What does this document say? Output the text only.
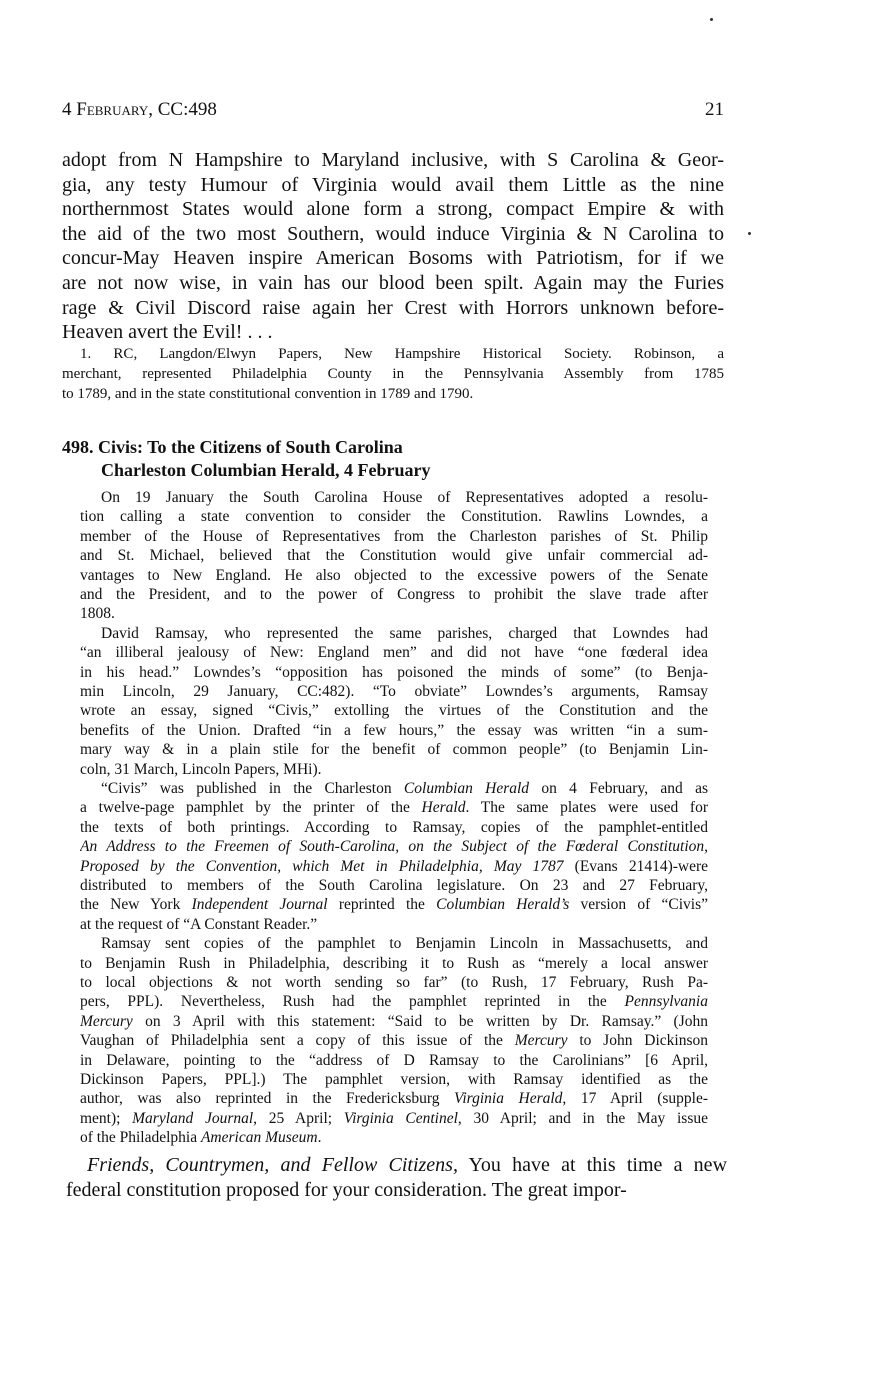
4 February, CC:498	21
adopt from N Hampshire to Maryland inclusive, with S Carolina & Geor-
gia, any testy Humour of Virginia would avail them Little as the nine
northernmost States would alone form a strong, compact Empire & with
the aid of the two most Southern, would induce Virginia & N Carolina to
concur-May Heaven inspire American Bosoms with Patriotism, for if we
are not now wise, in vain has our blood been spilt. Again may the Furies
rage & Civil Discord raise again her Crest with Horrors unknown before-
Heaven avert the Evil! . . .
1. RC, Langdon/Elwyn Papers, New Hampshire Historical Society. Robinson, a
merchant, represented Philadelphia County in the Pennsylvania Assembly from 1785
to 1789, and in the state constitutional convention in 1789 and 1790.
498. Civis: To the Citizens of South Carolina
Charleston Columbian Herald, 4 February
On 19 January the South Carolina House of Representatives adopted a resolu-
tion calling a state convention to consider the Constitution. Rawlins Lowndes, a
member of the House of Representatives from the Charleston parishes of St. Philip
and St. Michael, believed that the Constitution would give unfair commercial ad-
vantages to New England. He also objected to the excessive powers of the Senate
and the President, and to the power of Congress to prohibit the slave trade after
1808.
David Ramsay, who represented the same parishes, charged that Lowndes had
“an illiberal jealousy of New: England men” and did not have “one fœderal idea
in his head.” Lowndes’s “opposition has poisoned the minds of some” (to Benja-
min Lincoln, 29 January, CC:482). “To obviate” Lowndes’s arguments, Ramsay
wrote an essay, signed “Civis,” extolling the virtues of the Constitution and the
benefits of the Union. Drafted “in a few hours,” the essay was written “in a sum-
mary way & in a plain stile for the benefit of common people” (to Benjamin Lin-
coln, 31 March, Lincoln Papers, MHi).
“Civis” was published in the Charleston Columbian Herald on 4 February, and as
a twelve-page pamphlet by the printer of the Herald. The same plates were used for
the texts of both printings. According to Ramsay, copies of the pamphlet-entitled
An Address to the Freemen of South-Carolina, on the Subject of the Fœderal Constitution,
Proposed by the Convention, which Met in Philadelphia, May 1787 (Evans 21414)-were
distributed to members of the South Carolina legislature. On 23 and 27 February,
the New York Independent Journal reprinted the Columbian Herald’s version of “Civis”
at the request of “A Constant Reader.”
Ramsay sent copies of the pamphlet to Benjamin Lincoln in Massachusetts, and
to Benjamin Rush in Philadelphia, describing it to Rush as “merely a local answer
to local objections & not worth sending so far” (to Rush, 17 February, Rush Pa-
pers, PPL). Nevertheless, Rush had the pamphlet reprinted in the Pennsylvania
Mercury on 3 April with this statement: “Said to be written by Dr. Ramsay.” (John
Vaughan of Philadelphia sent a copy of this issue of the Mercury to John Dickinson
in Delaware, pointing to the “address of D Ramsay to the Carolinians” [6 April,
Dickinson Papers, PPL].) The pamphlet version, with Ramsay identified as the
author, was also reprinted in the Fredericksburg Virginia Herald, 17 April (supple-
ment); Maryland Journal, 25 April; Virginia Centinel, 30 April; and in the May issue
of the Philadelphia American Museum.
Friends, Countrymen, and Fellow Citizens, You have at this time a new
federal constitution proposed for your consideration. The great impor-
